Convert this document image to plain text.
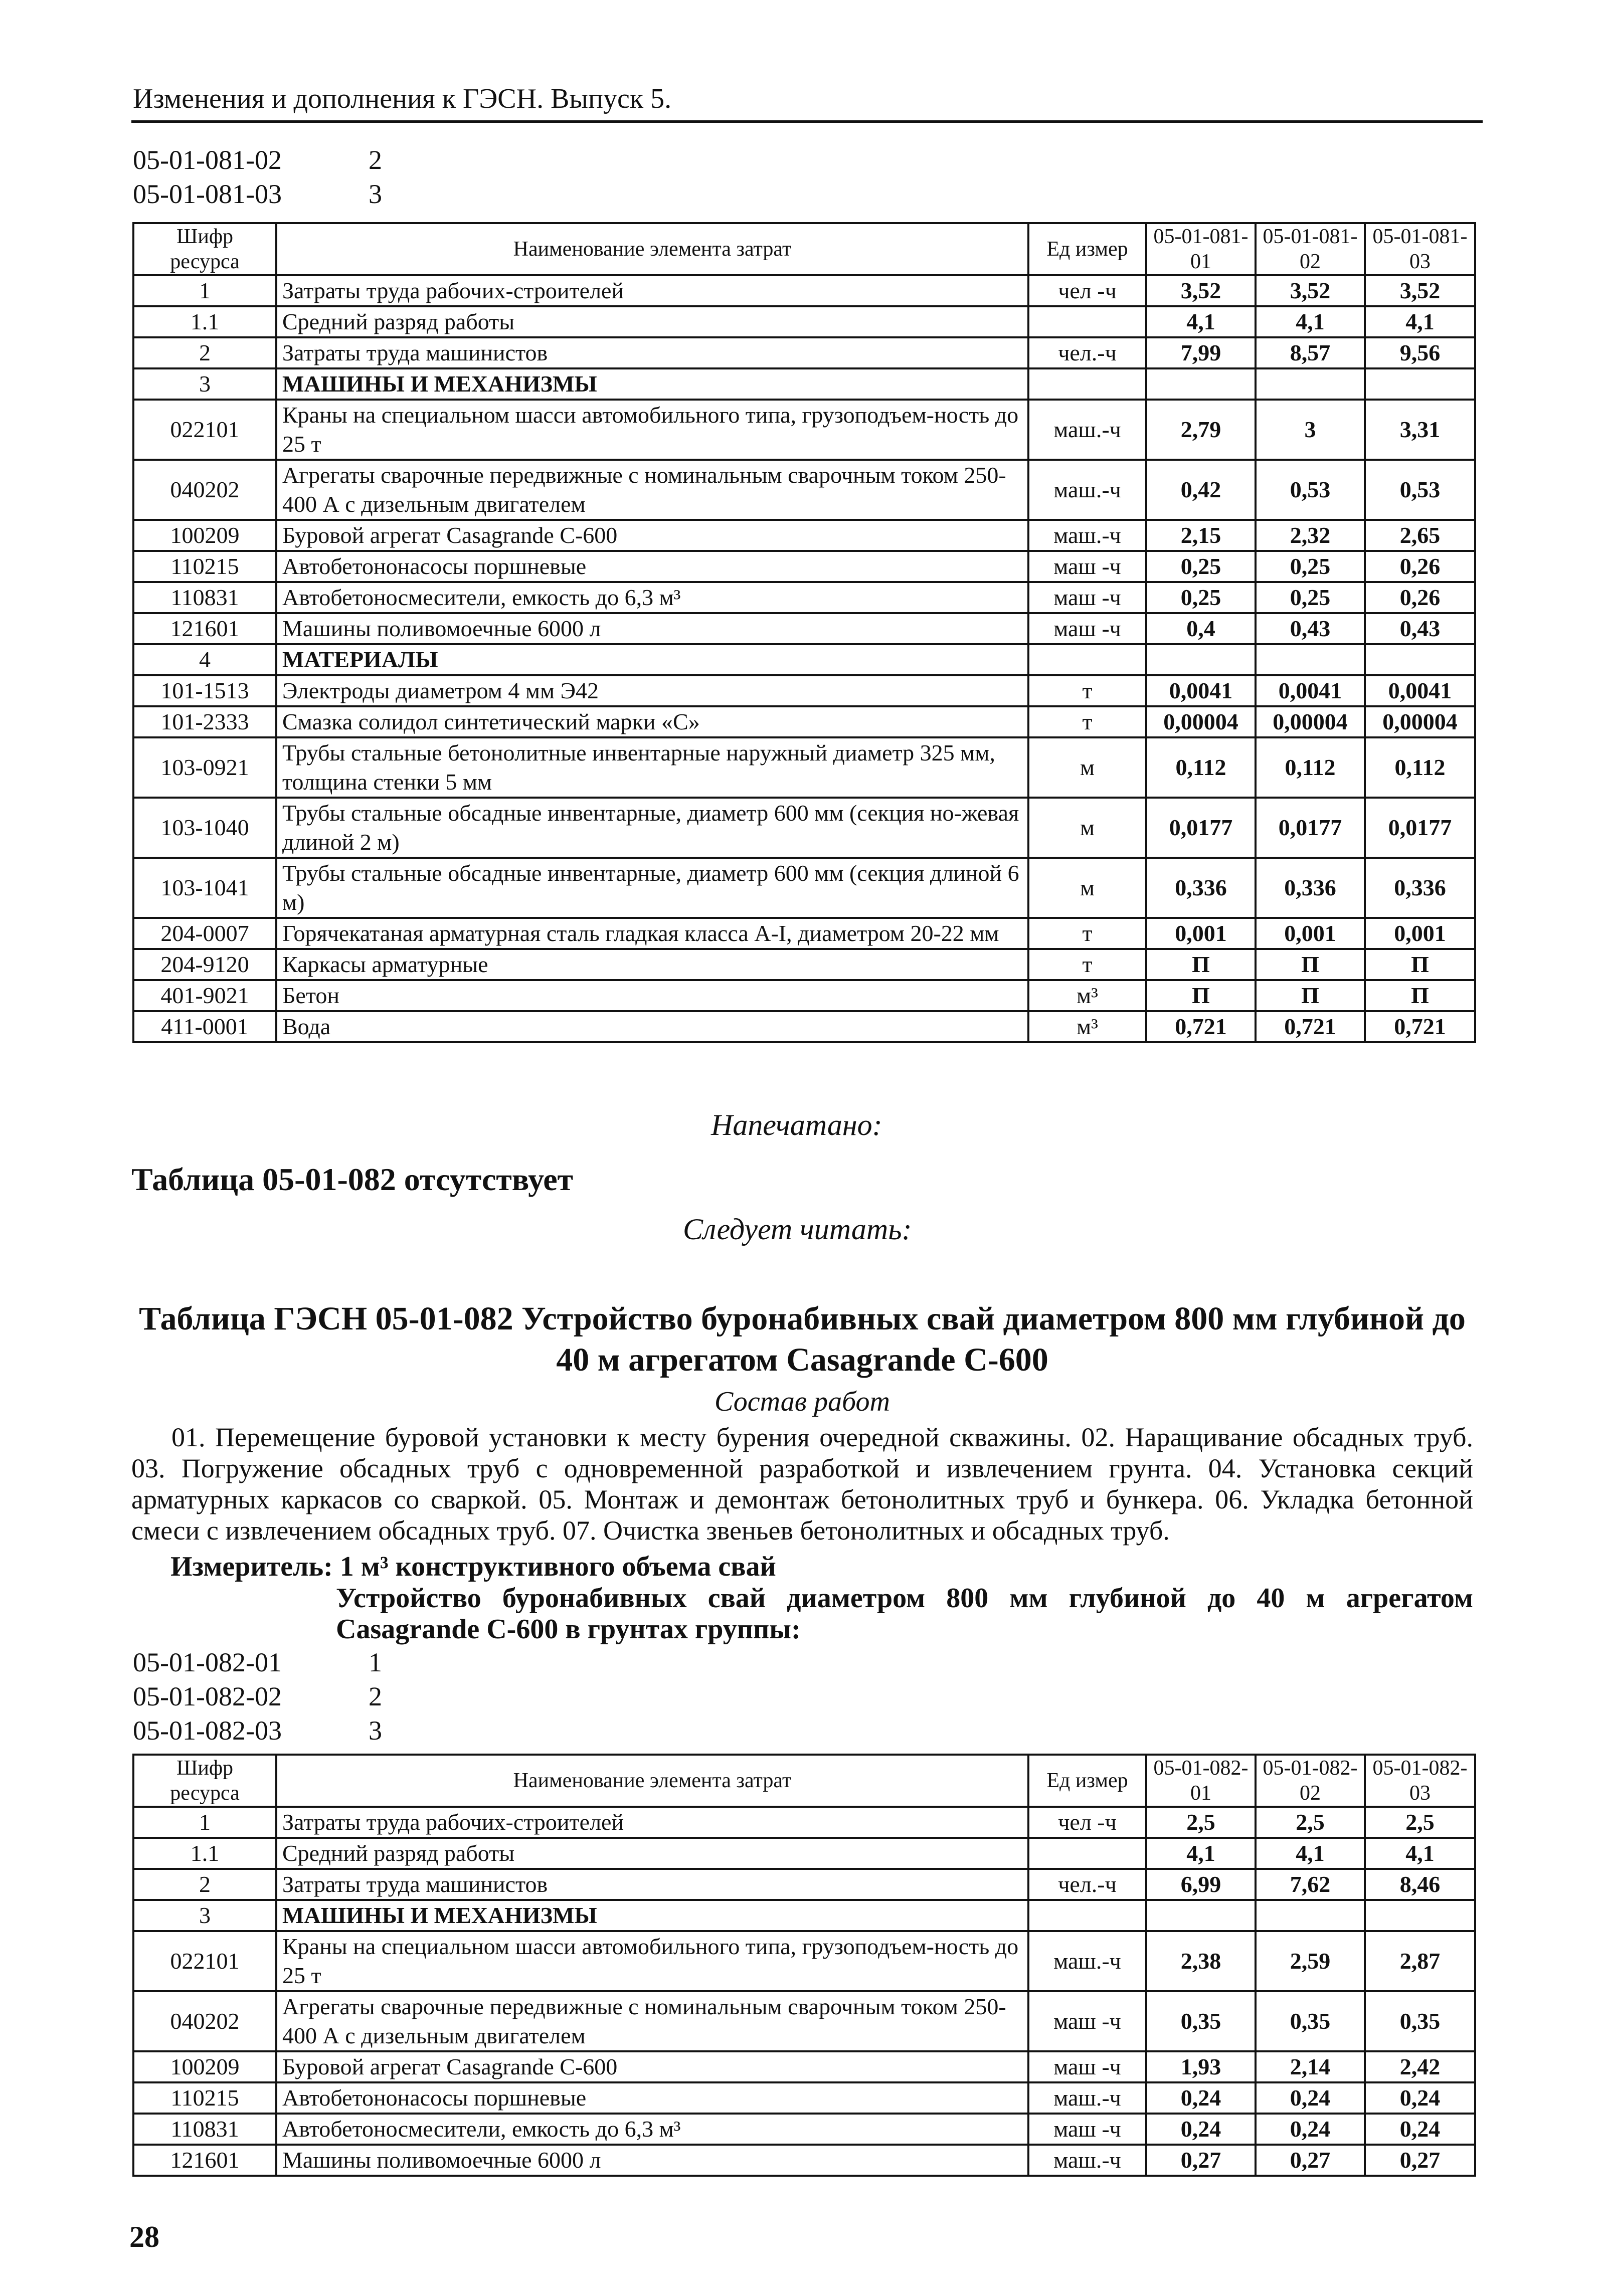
Изменения и дополнения к ГЭСН. Выпуск 5.
05-01-081-02	2
05-01-081-03	3
Шифр ресурса	Наименование элемента затрат	Ед измер	05-01-081-01	05-01-081-02	05-01-081-03
1	Затраты труда рабочих-строителей	чел -ч	3,52	3,52	3,52
1.1	Средний разряд работы		4,1	4,1	4,1
2	Затраты труда машинистов	чел.-ч	7,99	8,57	9,56
3	МАШИНЫ И МЕХАНИЗМЫ				
022101	Краны на специальном шасси автомобильного типа, грузоподъем-ность до 25 т	маш.-ч	2,79	3	3,31
040202	Агрегаты сварочные передвижные с номинальным сварочным током 250-400 А с дизельным двигателем	маш.-ч	0,42	0,53	0,53
100209	Буровой агрегат Casagrande С-600	маш.-ч	2,15	2,32	2,65
110215	Автобетононасосы поршневые	маш -ч	0,25	0,25	0,26
110831	Автобетоносмесители, емкость до 6,3 м³	маш -ч	0,25	0,25	0,26
121601	Машины поливомоечные 6000 л	маш -ч	0,4	0,43	0,43
4	МАТЕРИАЛЫ				
101-1513	Электроды диаметром 4 мм Э42	т	0,0041	0,0041	0,0041
101-2333	Смазка солидол синтетический марки «С»	т	0,00004	0,00004	0,00004
103-0921	Трубы стальные бетонолитные инвентарные наружный диаметр 325 мм, толщина стенки 5 мм	м	0,112	0,112	0,112
103-1040	Трубы стальные обсадные инвентарные, диаметр 600 мм (секция но-жевая длиной 2 м)	м	0,0177	0,0177	0,0177
103-1041	Трубы стальные обсадные инвентарные, диаметр 600 мм (секция длиной 6 м)	м	0,336	0,336	0,336
204-0007	Горячекатаная арматурная сталь гладкая класса А-I, диаметром 20-22 мм	т	0,001	0,001	0,001
204-9120	Каркасы арматурные	т	П	П	П
401-9021	Бетон	м³	П	П	П
411-0001	Вода	м³	0,721	0,721	0,721
Напечатано:
Таблица 05-01-082 отсутствует
Следует читать:
Таблица ГЭСН 05-01-082 Устройство буронабивных свай диаметром 800 мм глубиной до 40 м агрегатом Casagrande С-600
Состав работ
01. Перемещение буровой установки к месту бурения очередной скважины. 02. Наращивание обсадных труб. 03. Погружение обсадных труб с одновременной разработкой и извлечением грунта. 04. Установка секций арматурных каркасов со сваркой. 05. Монтаж и демонтаж бетонолитных труб и бункера. 06. Укладка бетонной смеси с извлечением обсадных труб. 07. Очистка звеньев бетонолитных и обсадных труб.
Измеритель: 1 м³ конструктивного объема свай
Устройство буронабивных свай диаметром 800 мм глубиной до 40 м агрегатом Casagrande С-600 в грунтах группы:
05-01-082-01	1
05-01-082-02	2
05-01-082-03	3
Шифр ресурса	Наименование элемента затрат	Ед измер	05-01-082-01	05-01-082-02	05-01-082-03
1	Затраты труда рабочих-строителей	чел -ч	2,5	2,5	2,5
1.1	Средний разряд работы		4,1	4,1	4,1
2	Затраты труда машинистов	чел.-ч	6,99	7,62	8,46
3	МАШИНЫ И МЕХАНИЗМЫ				
022101	Краны на специальном шасси автомобильного типа, грузоподъем-ность до 25 т	маш.-ч	2,38	2,59	2,87
040202	Агрегаты сварочные передвижные с номинальным сварочным током 250-400 А с дизельным двигателем	маш -ч	0,35	0,35	0,35
100209	Буровой агрегат Casagrande С-600	маш -ч	1,93	2,14	2,42
110215	Автобетононасосы поршневые	маш.-ч	0,24	0,24	0,24
110831	Автобетоносмесители, емкость до 6,3 м³	маш -ч	0,24	0,24	0,24
121601	Машины поливомоечные 6000 л	маш.-ч	0,27	0,27	0,27
28
